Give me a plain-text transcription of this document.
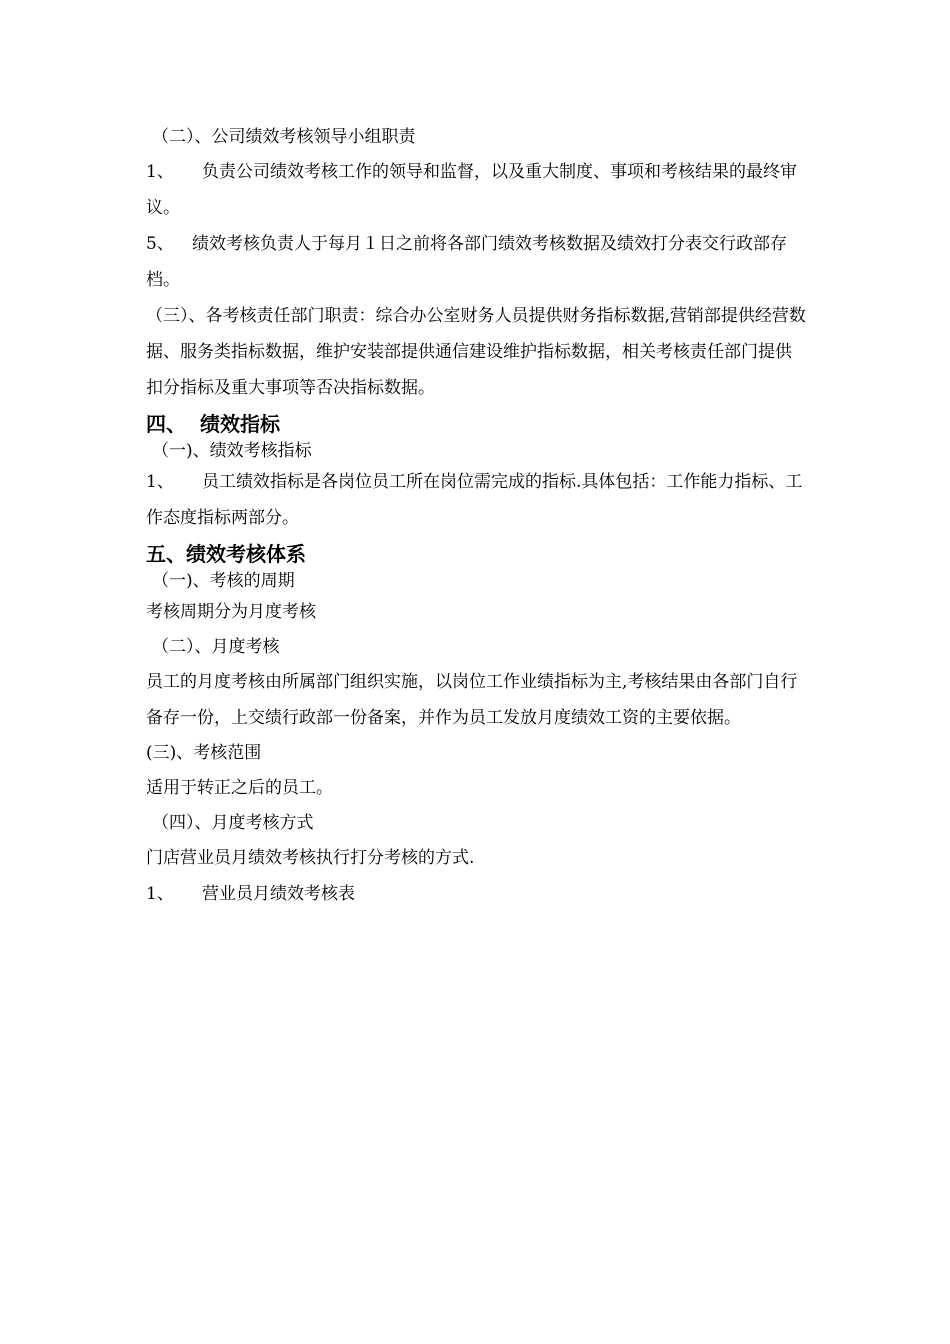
（二）、公司绩效考核领导小组职责

1、 负责公司绩效考核工作的领导和监督，以及重大制度、事项和考核结果的最终审议。

5、 绩效考核负责人于每月１日之前将各部门绩效考核数据及绩效打分表交行政部存档。

（三）、各考核责任部门职责：综合办公室财务人员提供财务指标数据,营销部提供经营数据、服务类指标数据，维护安装部提供通信建设维护指标数据，相关考核责任部门提供扣分指标及重大事项等否决指标数据。

四、 绩效指标

（一)、绩效考核指标

1、 员工绩效指标是各岗位员工所在岗位需完成的指标.具体包括：工作能力指标、工作态度指标两部分。

五、绩效考核体系

（一)、考核的周期

考核周期分为月度考核

（二）、月度考核

员工的月度考核由所属部门组织实施，以岗位工作业绩指标为主,考核结果由各部门自行备存一份，上交绩行政部一份备案，并作为员工发放月度绩效工资的主要依据。

(三)、考核范围

适用于转正之后的员工。

（四）、月度考核方式

门店营业员月绩效考核执行打分考核的方式.

1、 营业员月绩效考核表
